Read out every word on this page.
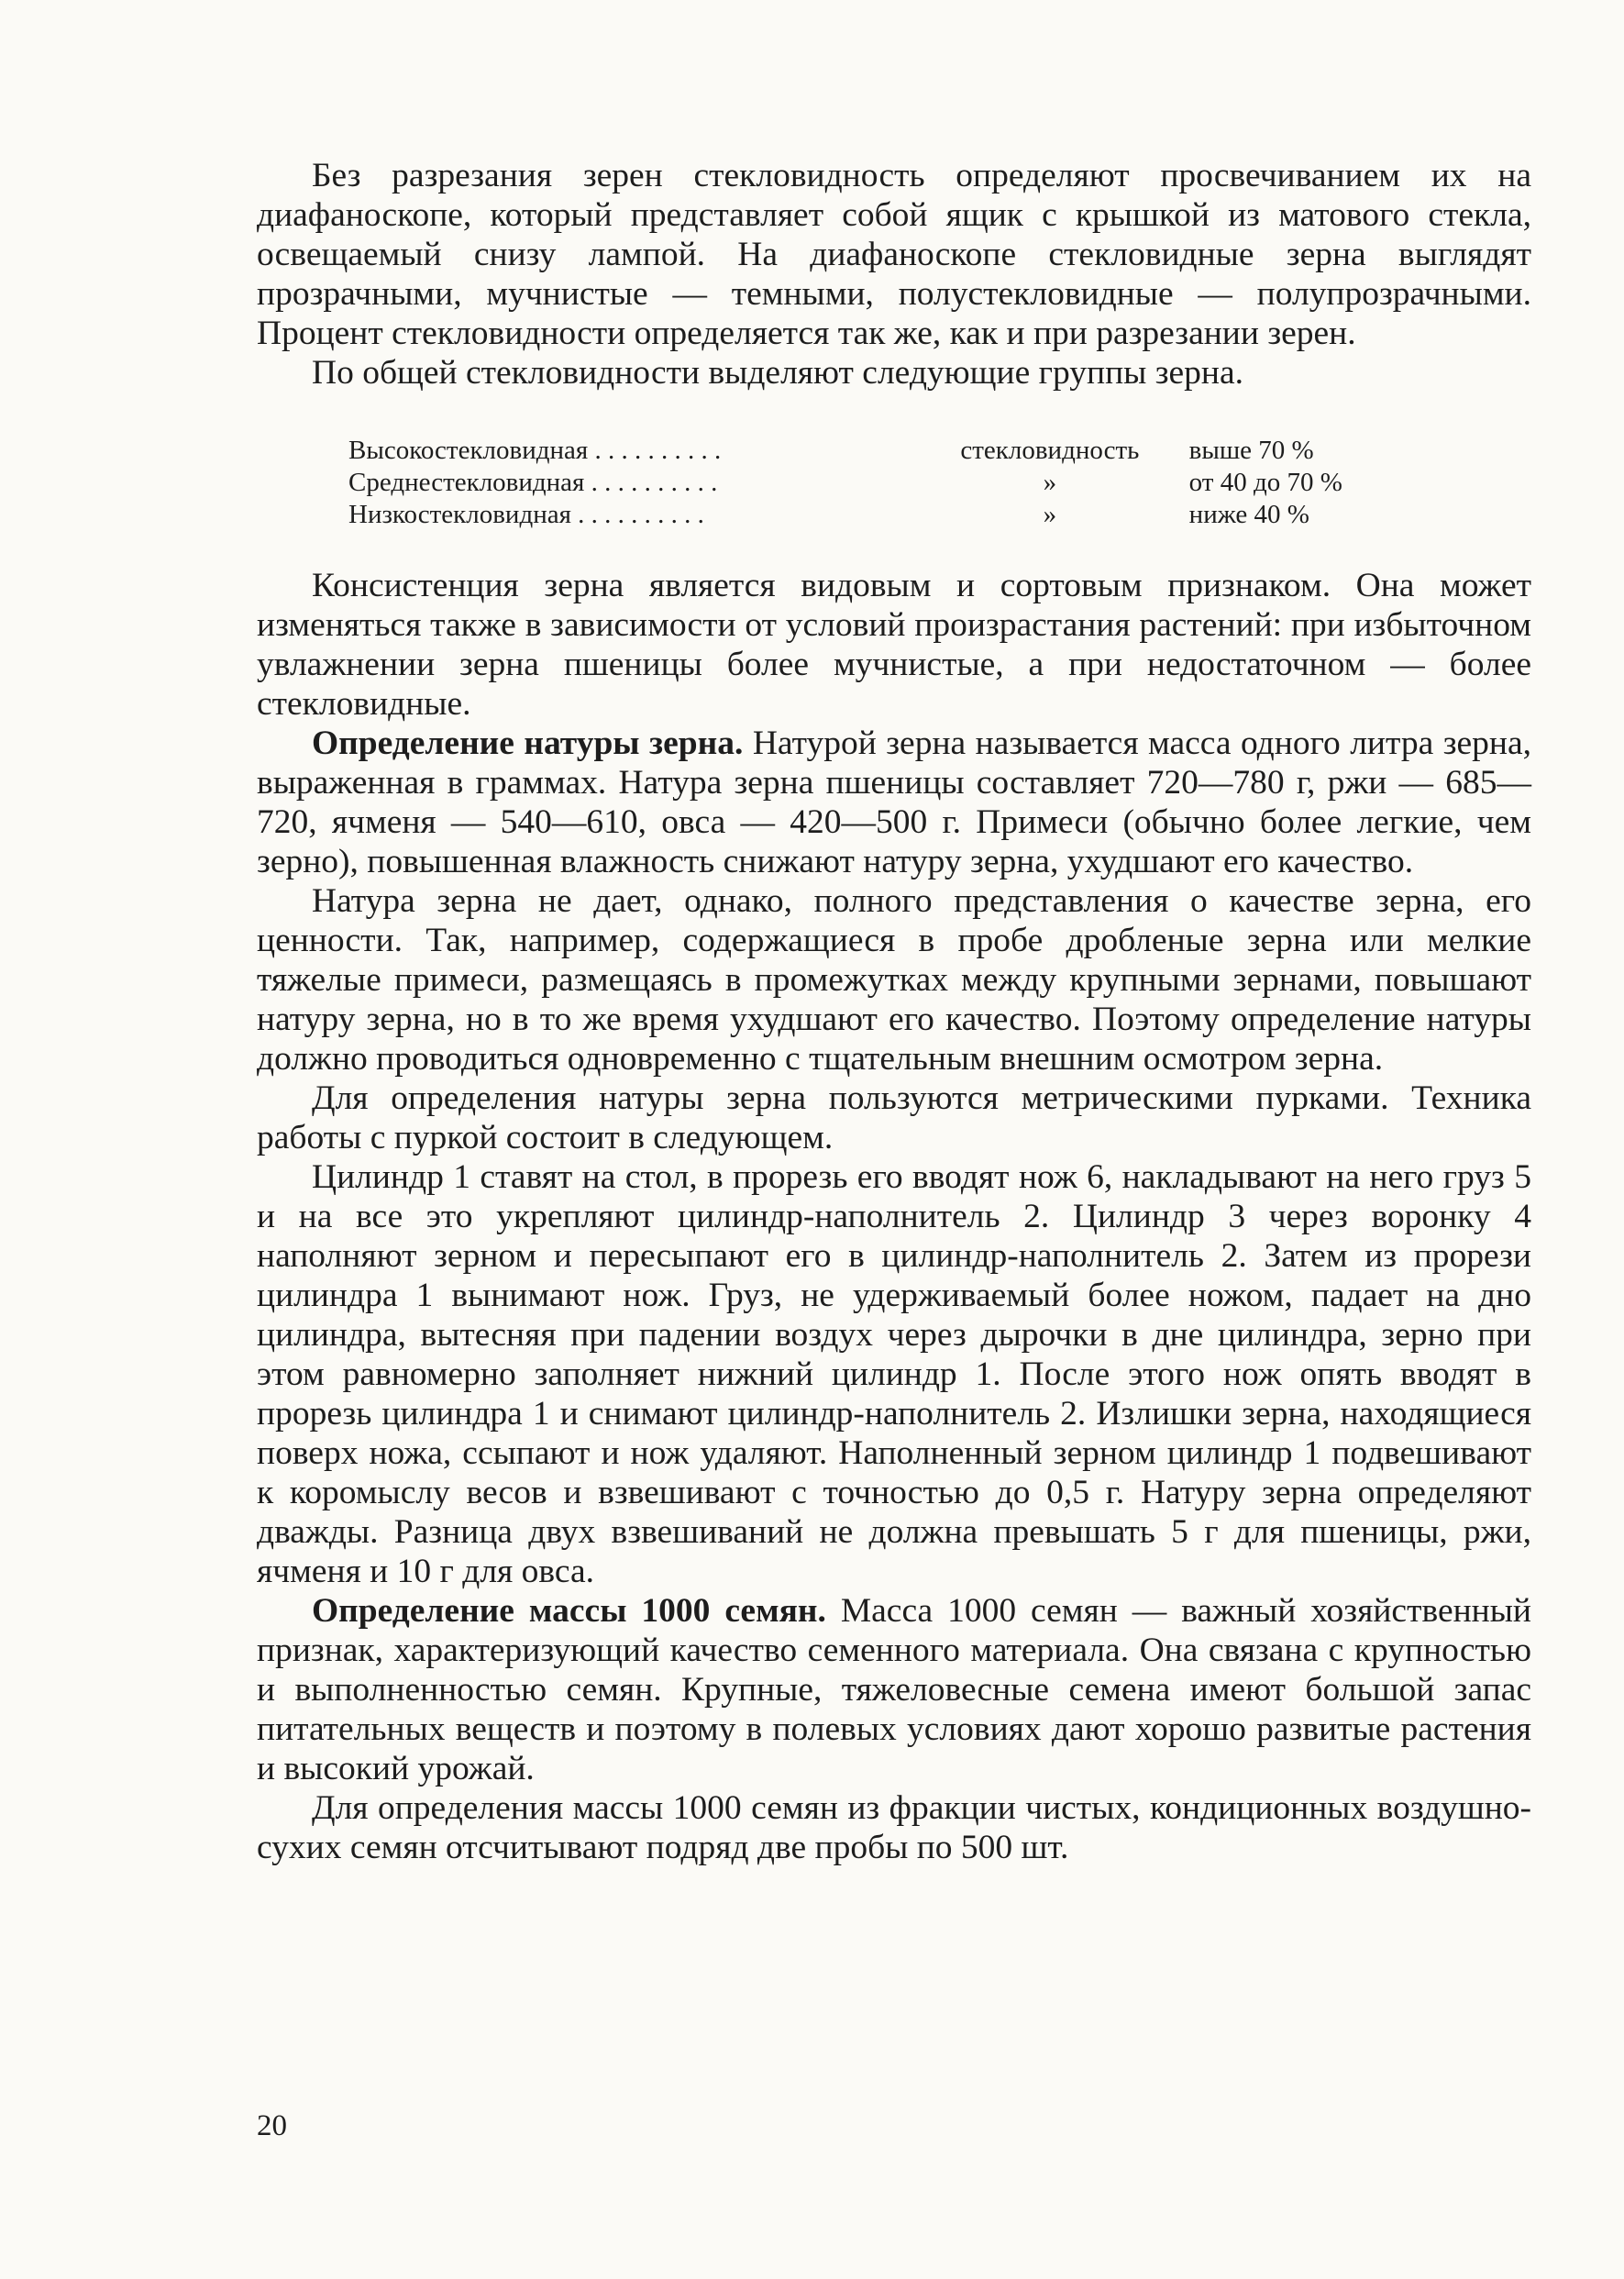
Без разрезания зерен стекловидность определяют просвечиванием их на диафаноскопе, который представляет собой ящик с крышкой из матового стекла, освещаемый снизу лампой. На диафаноскопе стекловидные зерна выглядят прозрачными, мучнистые — темными, полустекловидные — полупрозрачными. Процент стекловидности определяется так же, как и при разрезании зерен.

По общей стекловидности выделяют следующие группы зерна.

Высокостекловидная . . . . . . . . . .	стекловидность	выше 70 %
Среднестекловидная . . . . . . . . . .	»	от 40 до 70 %
Низкостекловидная . . . . . . . . . .	»	ниже 40 %

Консистенция зерна является видовым и сортовым признаком. Она может изменяться также в зависимости от условий произрастания растений: при избыточном увлажнении зерна пшеницы более мучнистые, а при недостаточном — более стекловидные.

Определение натуры зерна. Натурой зерна называется масса одного литра зерна, выраженная в граммах. Натура зерна пшеницы составляет 720—780 г, ржи — 685—720, ячменя — 540—610, овса — 420—500 г. Примеси (обычно более легкие, чем зерно), повышенная влажность снижают натуру зерна, ухудшают его качество.

Натура зерна не дает, однако, полного представления о качестве зерна, его ценности. Так, например, содержащиеся в пробе дробленые зерна или мелкие тяжелые примеси, размещаясь в промежутках между крупными зернами, повышают натуру зерна, но в то же время ухудшают его качество. Поэтому определение натуры должно проводиться одновременно с тщательным внешним осмотром зерна.

Для определения натуры зерна пользуются метрическими пурками. Техника работы с пуркой состоит в следующем.

Цилиндр 1 ставят на стол, в прорезь его вводят нож 6, накладывают на него груз 5 и на все это укрепляют цилиндр-наполнитель 2. Цилиндр 3 через воронку 4 наполняют зерном и пересыпают его в цилиндр-наполнитель 2. Затем из прорези цилиндра 1 вынимают нож. Груз, не удерживаемый более ножом, падает на дно цилиндра, вытесняя при падении воздух через дырочки в дне цилиндра, зерно при этом равномерно заполняет нижний цилиндр 1. После этого нож опять вводят в прорезь цилиндра 1 и снимают цилиндр-наполнитель 2. Излишки зерна, находящиеся поверх ножа, ссыпают и нож удаляют. Наполненный зерном цилиндр 1 подвешивают к коромыслу весов и взвешивают с точностью до 0,5 г. Натуру зерна определяют дважды. Разница двух взвешиваний не должна превышать 5 г для пшеницы, ржи, ячменя и 10 г для овса.

Определение массы 1000 семян. Масса 1000 семян — важный хозяйственный признак, характеризующий качество семенного материала. Она связана с крупностью и выполненностью семян. Крупные, тяжеловесные семена имеют большой запас питательных веществ и поэтому в полевых условиях дают хорошо развитые растения и высокий урожай.

Для определения массы 1000 семян из фракции чистых, кондиционных воздушно-сухих семян отсчитывают подряд две пробы по 500 шт.

20
